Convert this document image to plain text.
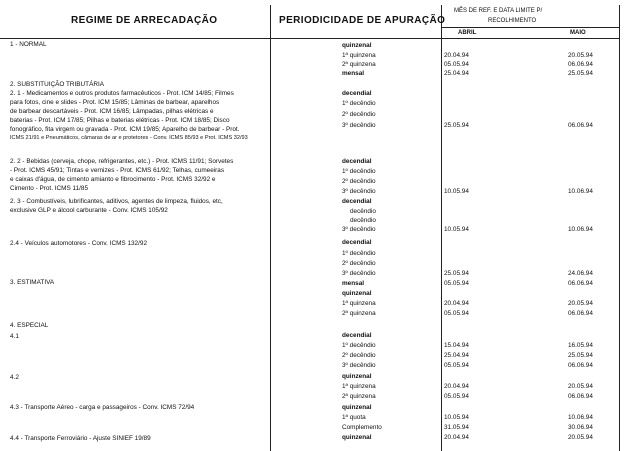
REGIME DE ARRECADAÇÃO	PERIODICIDADE DE APURAÇÃO
MÊS DE REF. E DATA LIMITE P/
RECOLHIMENTO
ABRIL	MAIO
1 - NORMAL	quinzenal
1ª quinzena	20.04.94	20.05.94
2ª quinzena	05.05.94	06.06.94
mensal	25.04.94	25.05.94
2. SUBSTITUIÇÃO TRIBUTÁRIA
2. 1 - Medicamentos e outros produtos farmacêuticos - Prot. ICM 14/85; Filmes
para fotos, cine e slides - Prot. ICM 15/85; Lâminas de barbear, aparelhos
de barbear descartáveis - Prot. ICM 16/85; Lâmpadas, pilhas elétricas e
baterias - Prot. ICM 17/85; Pilhas e baterias elétricas - Prot. ICM 18/85; Disco
fonográfico, fita virgem ou gravada - Prot. ICM 19/85; Aparelho de barbear - Prot.
ICMS 21/91 e Pneumáticos, câmaras de ar e protetores - Conv. ICMS 85/93 e Prot. ICMS 32/93
decendial
1º decêndio
2º decêndio
3º decêndio	25.05.94	06.06.94
2. 2 - Bebidas (cerveja, chope, refrigerantes, etc.) - Prot. ICMS 11/91; Sorvetes
- Prot. ICMS 45/91; Tintas e vernizes - Prot. ICMS 61/92; Telhas, cumeeiras
e caixas d'água, de cimento amianto e fibrocimento - Prot. ICMS 32/92 e
Cimento - Prot. ICMS 11/85
decendial
1º decêndio
2º decêndio
3º decêndio	10.05.94	10.06.94
2. 3 - Combustíveis, lubrificantes, aditivos, agentes de limpeza, fluidos, etc,
exclusive GLP e álcool carburante - Conv. ICMS 105/92
decendial
decêndio
decêndio
3º decêndio	10.05.94	10.06.94
2.4 - Veículos automotores - Conv. ICMS 132/92	decendial
1º decêndio
2º decêndio
3º decêndio	25.05.94	24.06.94
mensal	05.05.94	06.06.94
3. ESTIMATIVA
quinzenal
1ª quinzena	20.04.94	20.05.94
2ª quinzena	05.05.94	06.06.94
4. ESPECIAL
4.1	decendial
1º decêndio	15.04.94	16.05.94
2º decêndio	25.04.94	25.05.94
3º decêndio	05.05.94	06.06.94
4.2	quinzenal
1ª quinzena	20.04.94	20.05.94
2ª quinzena	05.05.94	06.06.94
4.3 - Transporte Aéreo - carga e passageiros - Conv. ICMS 72/94	quinzenal
1ª quota	10.05.94	10.06.94
Complemento	31.05.94	30.06.94
4.4 - Transporte Ferroviário - Ajuste SINIEF 19/89	quinzenal	20.04.94	20.05.94
